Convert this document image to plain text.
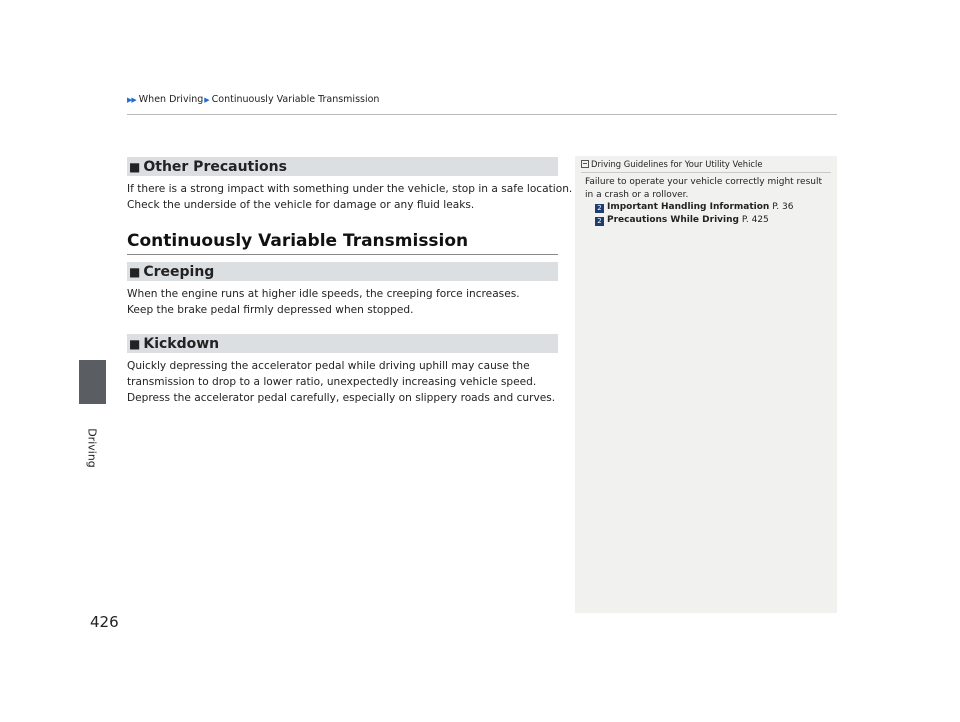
▶ ▶ When Driving ▶ Continuously Variable Transmission
Driving
426
■ Other Precautions
If there is a strong impact with something under the vehicle, stop in a safe location.
Check the underside of the vehicle for damage or any fluid leaks.
Continuously Variable Transmission
■ Creeping
When the engine runs at higher idle speeds, the creeping force increases.
Keep the brake pedal firmly depressed when stopped.
■ Kickdown
Quickly depressing the accelerator pedal while driving uphill may cause the
transmission to drop to a lower ratio, unexpectedly increasing vehicle speed.
Depress the accelerator pedal carefully, especially on slippery roads and curves.
Driving Guidelines for Your Utility Vehicle
Failure to operate your vehicle correctly might result
in a crash or a rollover.
2 Important Handling Information P. 36
2 Precautions While Driving P. 425
